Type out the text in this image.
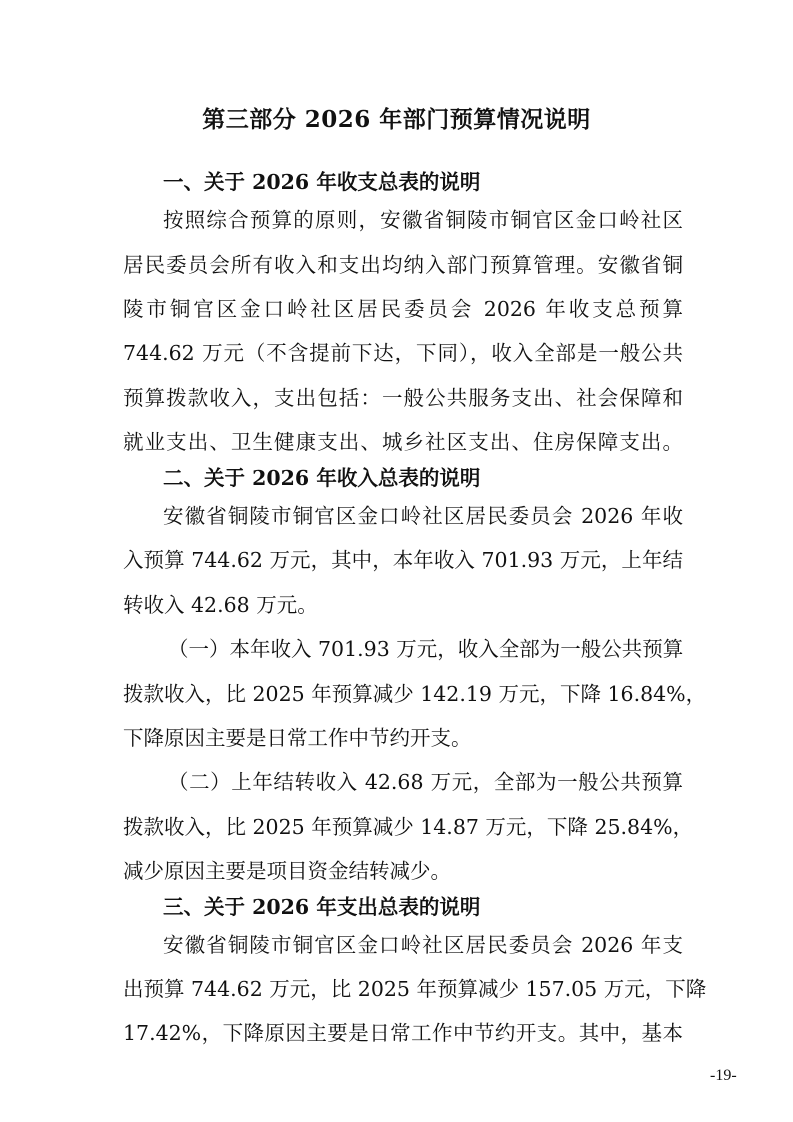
第三部分 2026 年部门预算情况说明
一、关于 2026 年收支总表的说明
按照综合预算的原则，安徽省铜陵市铜官区金口岭社区
居民委员会所有收入和支出均纳入部门预算管理。安徽省铜
陵市铜官区金口岭社区居民委员会 2026 年收支总预算
744.62 万元（不含提前下达，下同），收入全部是一般公共
预算拨款收入，支出包括：一般公共服务支出、社会保障和
就业支出、卫生健康支出、城乡社区支出、住房保障支出。
二、关于 2026 年收入总表的说明
安徽省铜陵市铜官区金口岭社区居民委员会 2026 年收
入预算 744.62 万元，其中，本年收入 701.93 万元，上年结
转收入 42.68 万元。
（一）本年收入 701.93 万元，收入全部为一般公共预算
拨款收入，比 2025 年预算减少 142.19 万元，下降 16.84%，
下降原因主要是日常工作中节约开支。
（二）上年结转收入 42.68 万元，全部为一般公共预算
拨款收入，比 2025 年预算减少 14.87 万元，下降 25.84%，
减少原因主要是项目资金结转减少。
三、关于 2026 年支出总表的说明
安徽省铜陵市铜官区金口岭社区居民委员会 2026 年支
出预算 744.62 万元，比 2025 年预算减少 157.05 万元，下降
17.42%，下降原因主要是日常工作中节约开支。其中，基本
-19-
